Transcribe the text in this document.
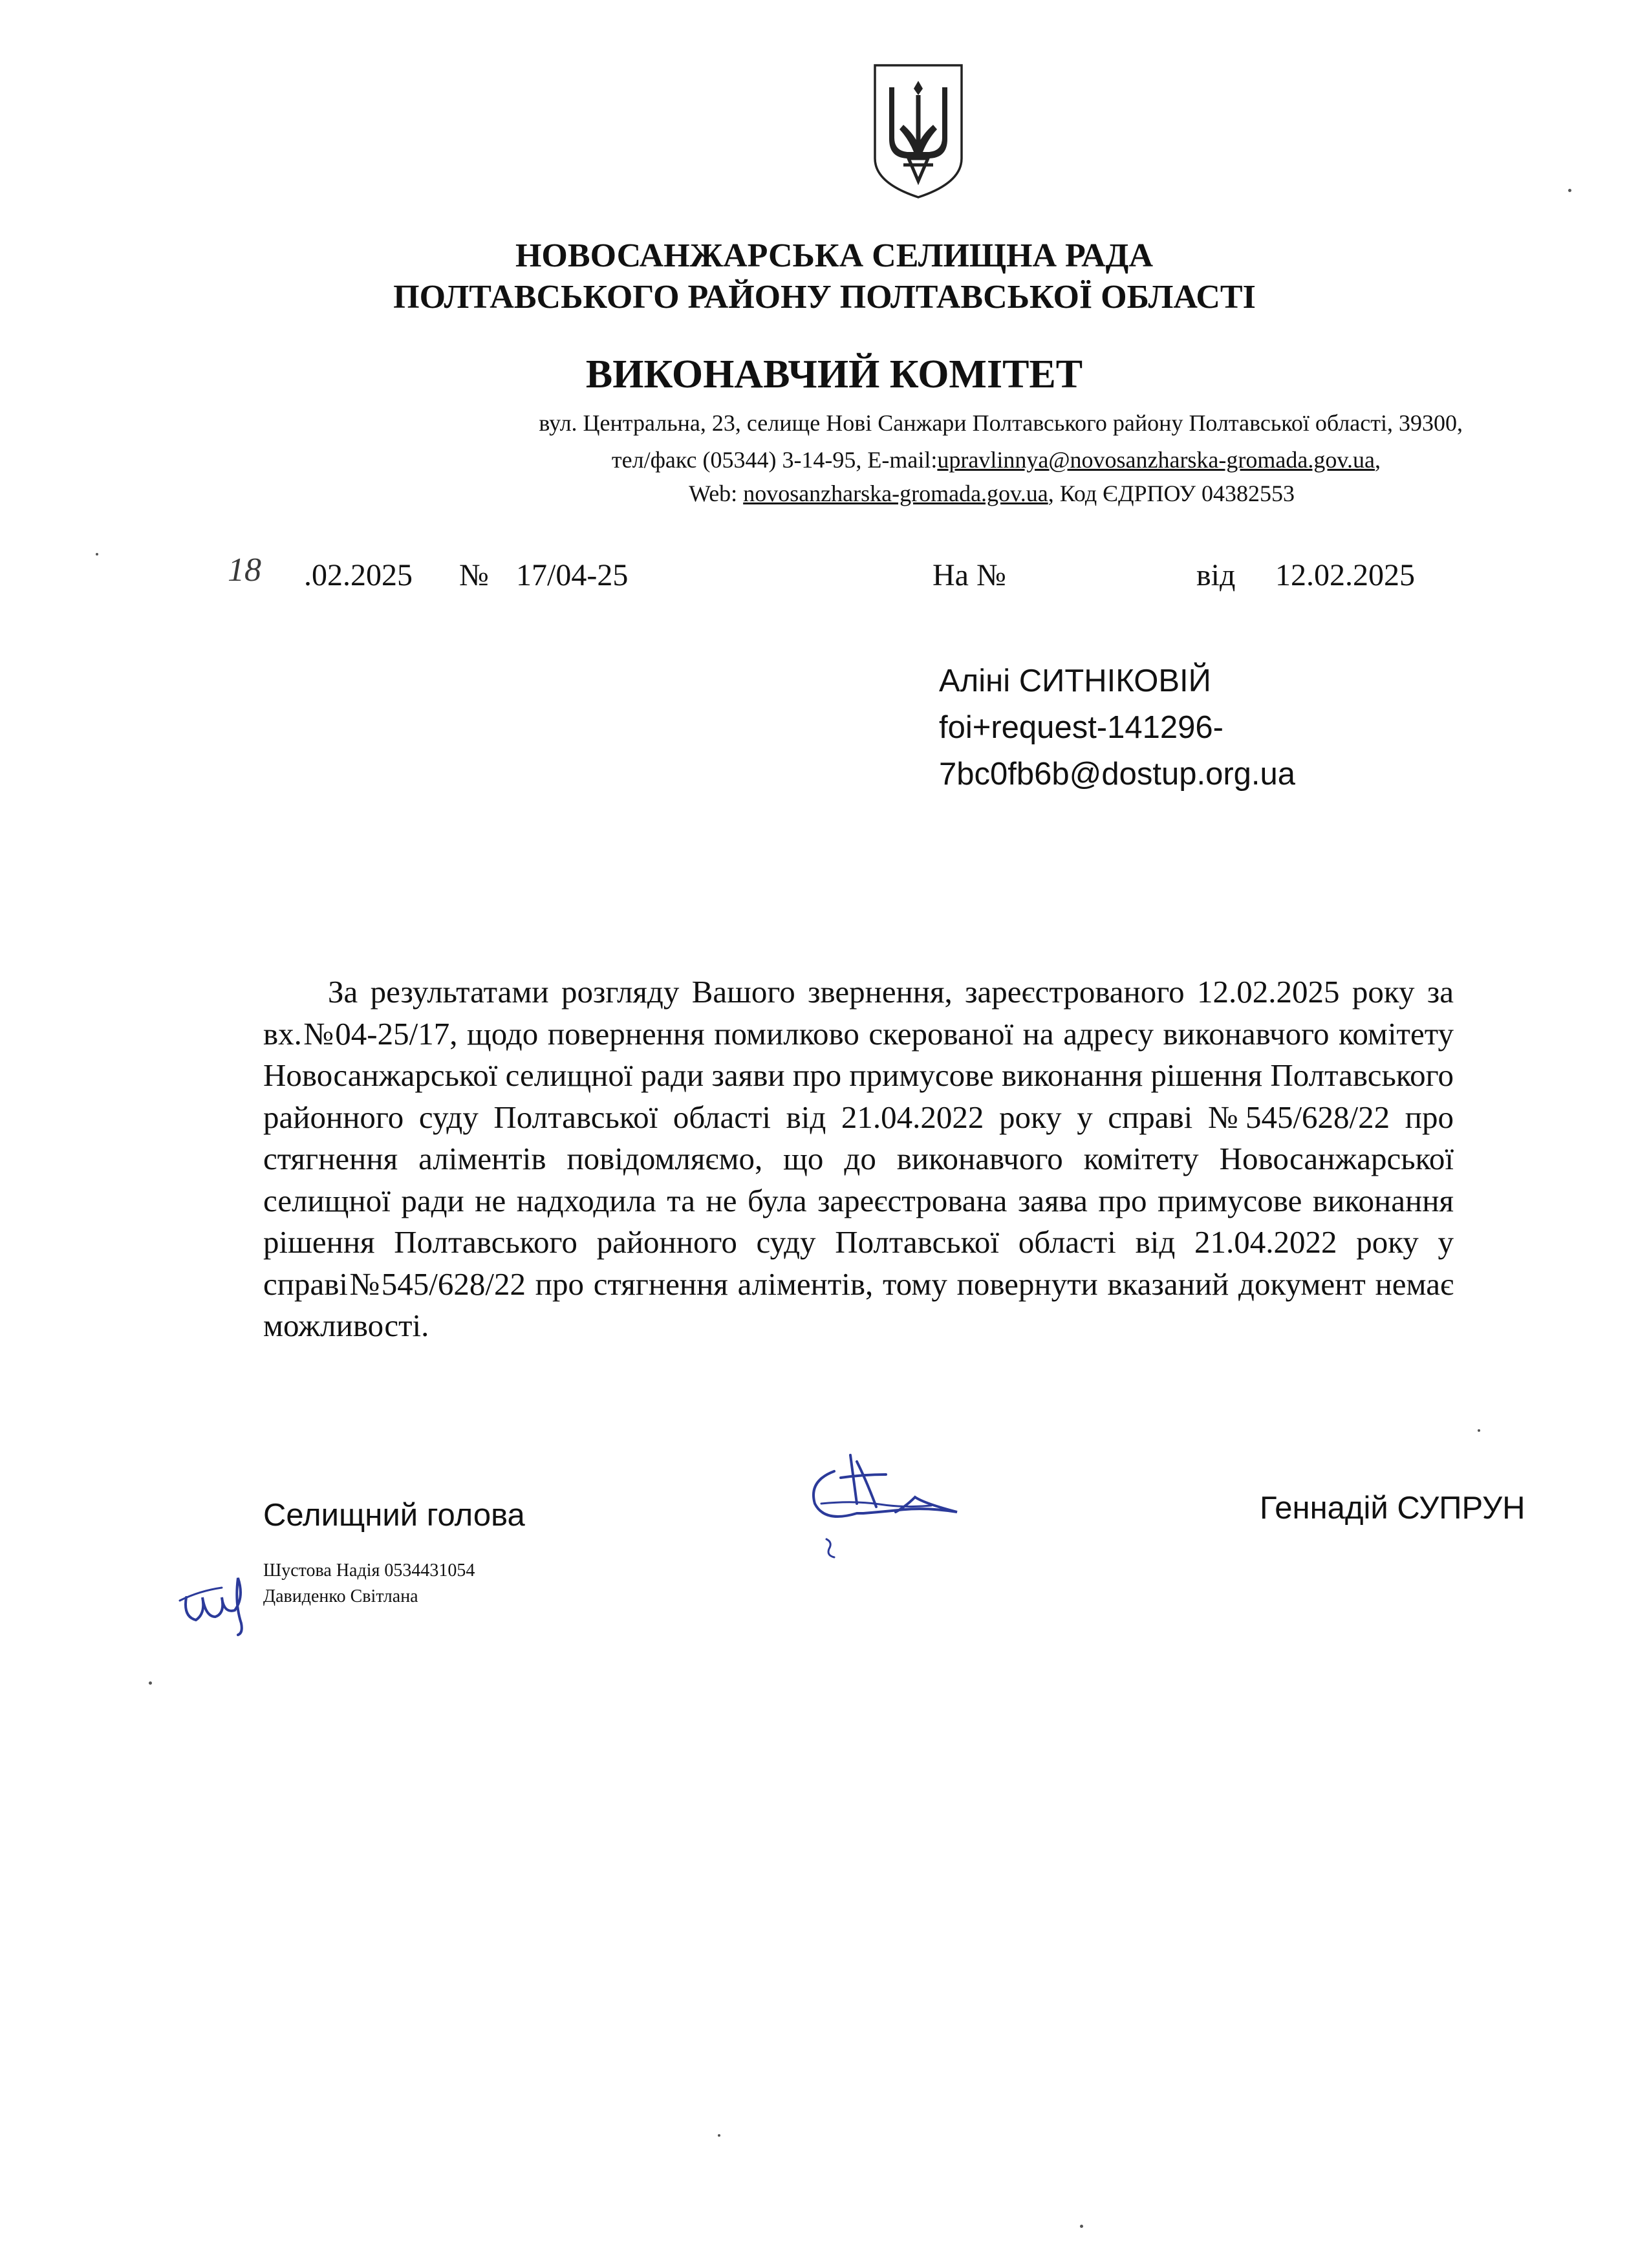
НОВОСАНЖАРСЬКА СЕЛИЩНА РАДА
ПОЛТАВСЬКОГО РАЙОНУ ПОЛТАВСЬКОЇ ОБЛАСТІ
ВИКОНАВЧИЙ КОМІТЕТ
вул. Центральна, 23, селище Нові Санжари Полтавського району Полтавської області, 39300,
тел/факс (05344) 3-14-95, E-mail:upravlinnya@novosanzharska-gromada.gov.ua,
Web: novosanzharska-gromada.gov.ua, Код ЄДРПОУ 04382553
18 .02.2025 № 17/04-25	На №	від 12.02.2025
Аліні СИТНІКОВІЙ
foi+request-141296-
7bc0fb6b@dostup.org.ua

За результатами розгляду Вашого звернення, зареєстрованого 12.02.2025 року за вх.№04-25/17, щодо повернення помилково скерованої на адресу виконавчого комітету Новосанжарської селищної ради заяви про примусове виконання рішення Полтавського районного суду Полтавської області від 21.04.2022 року у справі №545/628/22 про стягнення аліментів повідомляємо, що до виконавчого комітету Новосанжарської селищної ради не надходила та не була зареєстрована заява про примусове виконання рішення Полтавського районного суду Полтавської області від 21.04.2022 року у справі№545/628/22 про стягнення аліментів, тому повернути вказаний документ немає можливості.

Селищний голова	Геннадій СУПРУН
Шустова Надія 0534431054
Давиденко Світлана
